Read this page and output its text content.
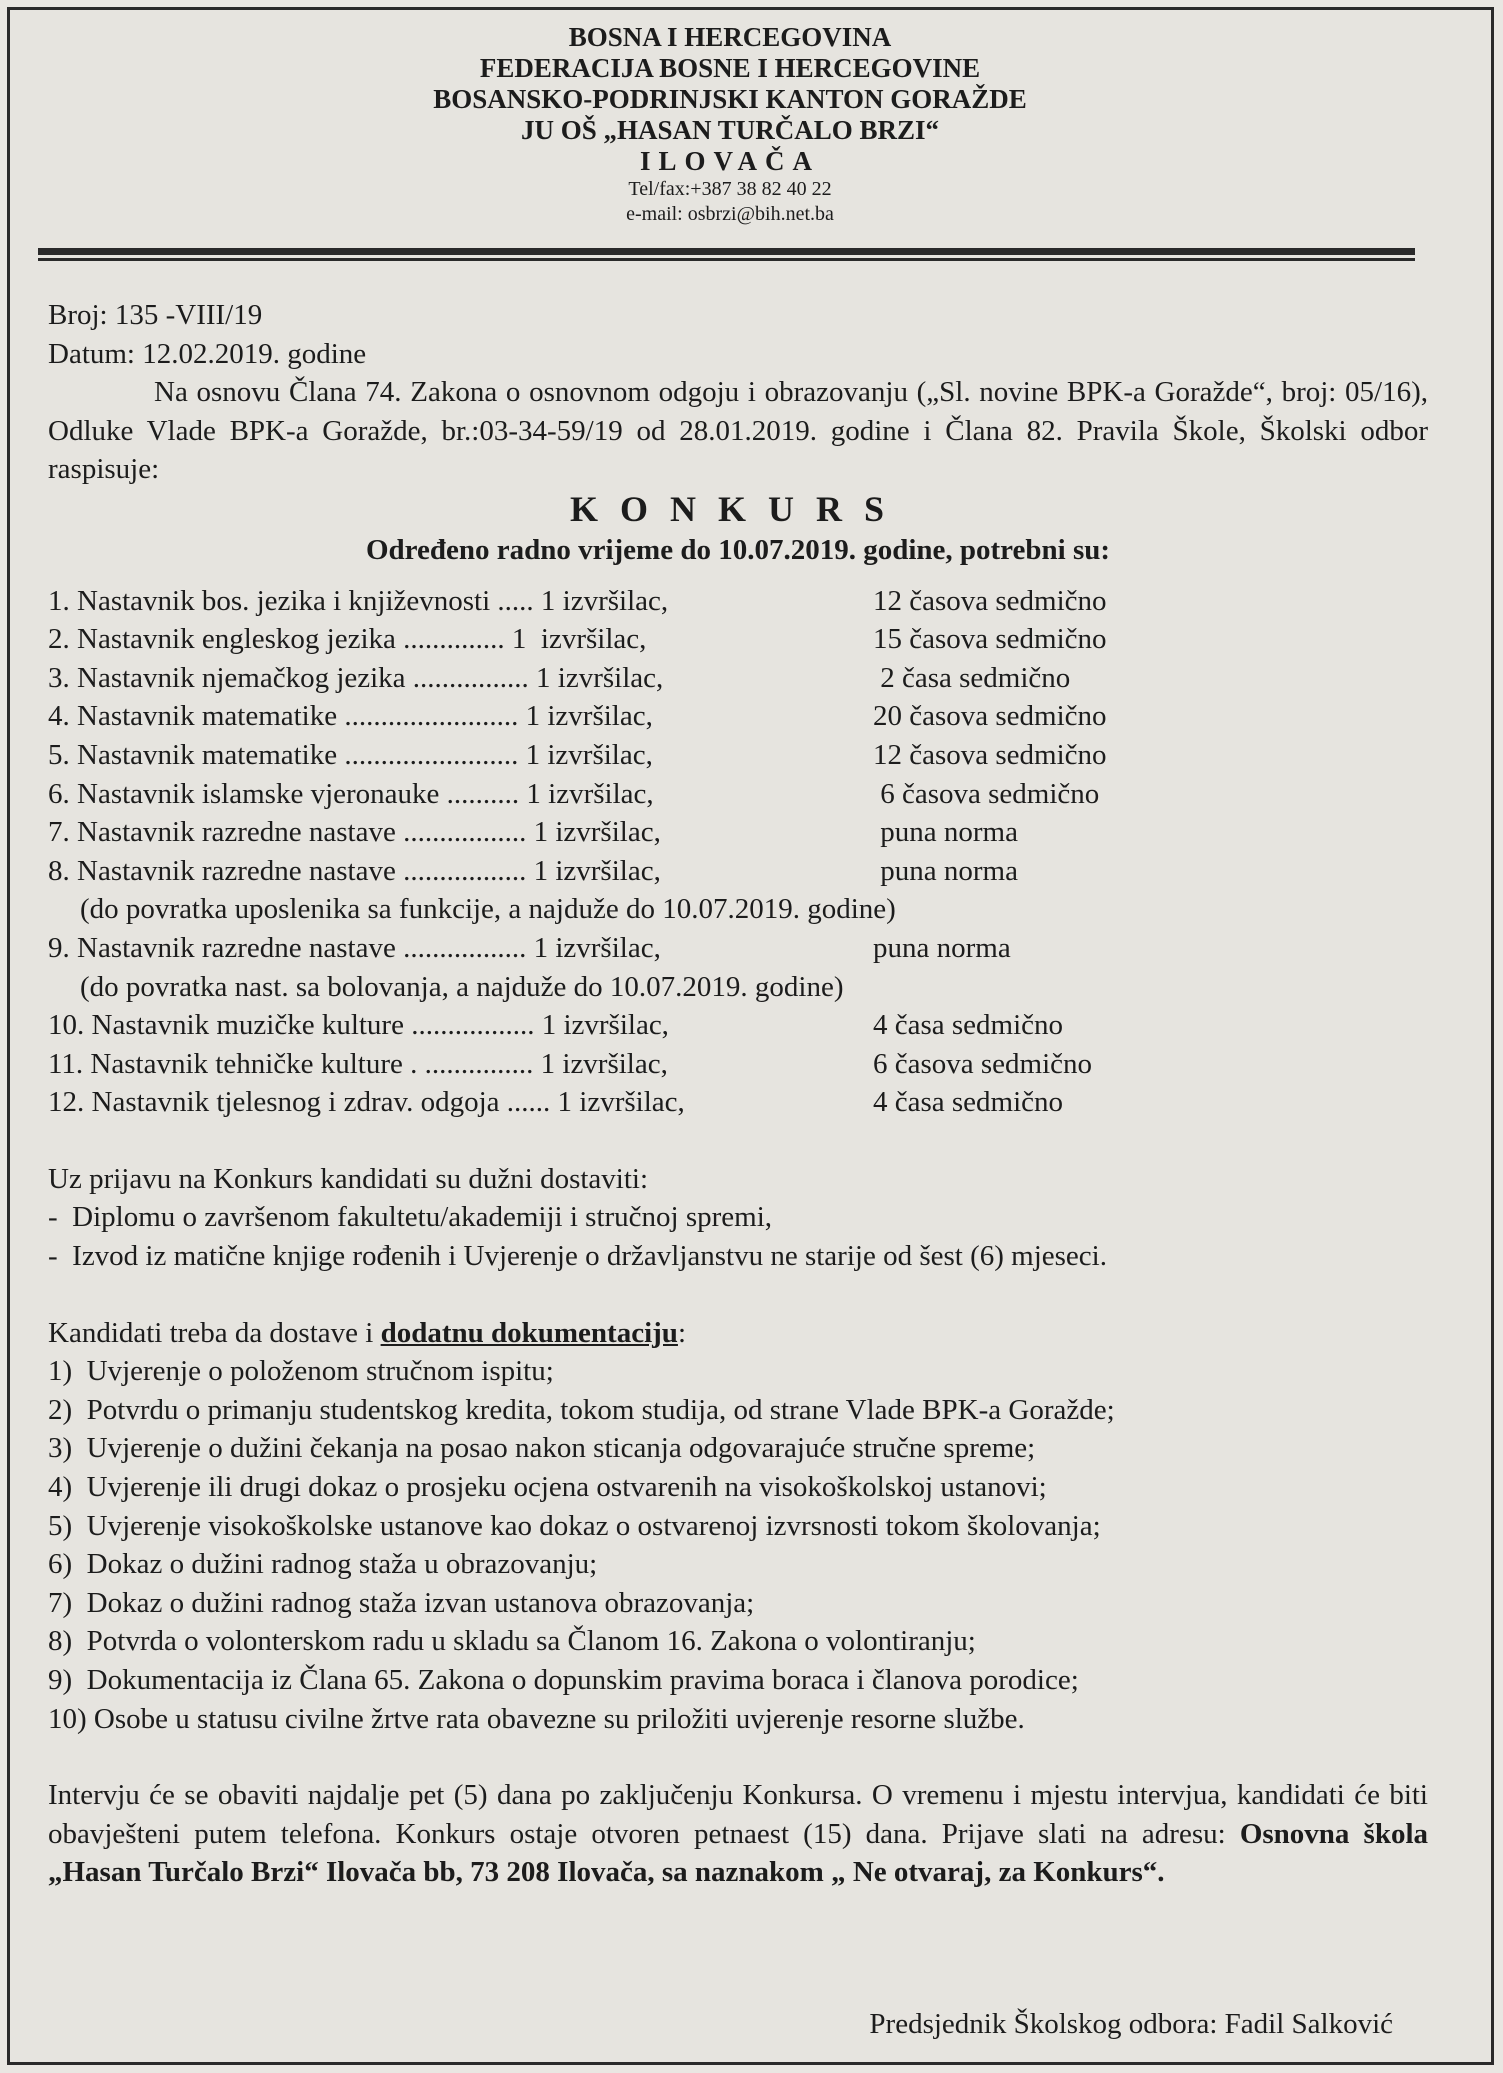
BOSNA I HERCEGOVINA
FEDERACIJA BOSNE I HERCEGOVINE
BOSANSKO-PODRINJSKI KANTON GORAŽDE
JU OŠ „HASAN TURČALO BRZI“
ILOVAČA
Tel/fax:+387 38 82 40 22
e-mail: osbrzi@bih.net.ba

Broj: 135 -VIII/19

Datum: 12.02.2019. godine

Na osnovu Člana 74. Zakona o osnovnom odgoju i obrazovanju („Sl. novine BPK-a Goražde“, broj: 05/16), Odluke Vlade BPK-a Goražde, br.:03-34-59/19 od 28.01.2019. godine i Člana 82. Pravila Škole, Školski odbor raspisuje:

KONKURS

Određeno radno vrijeme do 10.07.2019. godine, potrebni su:

1. Nastavnik bos. jezika i književnosti ..... 1 izvršilac,	12 časova sedmično
2. Nastavnik engleskog jezika .............. 1  izvršilac,	15 časova sedmično
3. Nastavnik njemačkog jezika ................ 1 izvršilac,	2 časa sedmično
4. Nastavnik matematike ........................ 1 izvršilac,	20 časova sedmično
5. Nastavnik matematike ........................ 1 izvršilac,	12 časova sedmično
6. Nastavnik islamske vjeronauke .......... 1 izvršilac,	6 časova sedmično
7. Nastavnik razredne nastave ................. 1 izvršilac,	puna norma
8. Nastavnik razredne nastave ................. 1 izvršilac,	puna norma
(do povratka uposlenika sa funkcije, a najduže do 10.07.2019. godine)
9. Nastavnik razredne nastave ................. 1 izvršilac,	puna norma
(do povratka nast. sa bolovanja, a najduže do 10.07.2019. godine)
10. Nastavnik muzičke kulture ................. 1 izvršilac,	4 časa sedmično
11. Nastavnik tehničke kulture . ............... 1 izvršilac,	6 časova sedmično
12. Nastavnik tjelesnog i zdrav. odgoja ...... 1 izvršilac,	4 časa sedmično

Uz prijavu na Konkurs kandidati su dužni dostaviti:

-  Diplomu o završenom fakultetu/akademiji i stručnoj spremi,

-  Izvod iz matične knjige rođenih i Uvjerenje o državljanstvu ne starije od šest (6) mjeseci.

Kandidati treba da dostave i dodatnu dokumentaciju:

1)  Uvjerenje o položenom stručnom ispitu;

2)  Potvrdu o primanju studentskog kredita, tokom studija, od strane Vlade BPK-a Goražde;

3)  Uvjerenje o dužini čekanja na posao nakon sticanja odgovarajuće stručne spreme;

4)  Uvjerenje ili drugi dokaz o prosjeku ocjena ostvarenih na visokoškolskoj ustanovi;

5)  Uvjerenje visokoškolske ustanove kao dokaz o ostvarenoj izvrsnosti tokom školovanja;

6)  Dokaz o dužini radnog staža u obrazovanju;

7)  Dokaz o dužini radnog staža izvan ustanova obrazovanja;

8)  Potvrda o volonterskom radu u skladu sa Članom 16. Zakona o volontiranju;

9)  Dokumentacija iz Člana 65. Zakona o dopunskim pravima boraca i članova porodice;

10) Osobe u statusu civilne žrtve rata obavezne su priložiti uvjerenje resorne službe.

Intervju će se obaviti najdalje pet (5) dana po zaključenju Konkursa. O vremenu i mjestu intervjua, kandidati će biti obavješteni putem telefona. Konkurs ostaje otvoren petnaest (15) dana. Prijave slati na adresu: Osnovna škola „Hasan Turčalo Brzi“ Ilovača bb, 73 208 Ilovača, sa naznakom „ Ne otvaraj, za Konkurs“.

Predsjednik Školskog odbora: Fadil Salković
